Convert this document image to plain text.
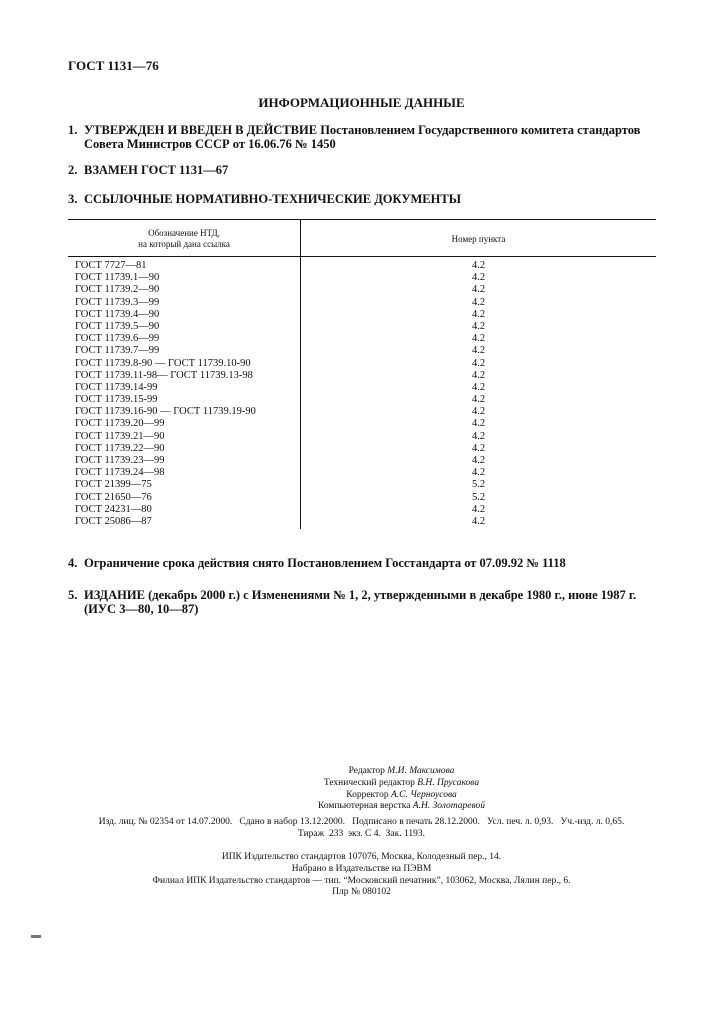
ГОСТ 1131—76
ИНФОРМАЦИОННЫЕ ДАННЫЕ
1. УТВЕРЖДЕН И ВВЕДЕН В ДЕЙСТВИЕ Постановлением Государственного комитета стандартов
Совета Министров СССР от 16.06.76 № 1450
2. ВЗАМЕН ГОСТ 1131—67
3. ССЫЛОЧНЫЕ НОРМАТИВНО-ТЕХНИЧЕСКИЕ ДОКУМЕНТЫ
Обозначение НТД,
на который дана ссылка	Номер пункта
ГОСТ 7727—81	4.2
ГОСТ 11739.1—90	4.2
ГОСТ 11739.2—90	4.2
ГОСТ 11739.3—99	4.2
ГОСТ 11739.4—90	4.2
ГОСТ 11739.5—90	4.2
ГОСТ 11739.6—99	4.2
ГОСТ 11739.7—99	4.2
ГОСТ 11739.8-90 — ГОСТ 11739.10-90	4.2
ГОСТ 11739.11-98— ГОСТ 11739.13-98	4.2
ГОСТ 11739.14-99	4.2
ГОСТ 11739.15-99	4.2
ГОСТ 11739.16-90 — ГОСТ 11739.19-90	4.2
ГОСТ 11739.20—99	4.2
ГОСТ 11739.21—90	4.2
ГОСТ 11739.22—90	4.2
ГОСТ 11739.23—99	4.2
ГОСТ 11739.24—98	4.2
ГОСТ 21399—75	5.2
ГОСТ 21650—76	5.2
ГОСТ 24231—80	4.2
ГОСТ 25086—87	4.2
4. Ограничение срока действия снято Постановлением Госстандарта от 07.09.92 № 1118
5. ИЗДАНИЕ (декабрь 2000 г.) с Изменениями № 1, 2, утвержденными в декабре 1980 г., июне 1987 г.
(ИУС 3—80, 10—87)
Редактор М.И. Максимова
Технический редактор В.Н. Прусакова
Корректор А.С. Черноусова
Компьютерная верстка А.Н. Золотаревой
Изд. лиц. № 02354 от 14.07.2000.   Сдано в набор 13.12.2000.   Подписано в печать 28.12.2000.   Усл. печ. л. 0,93.   Уч.-изд. л. 0,65.
Тираж  233  экз. С 4.  Зак. 1193.
ИПК Издательство стандартов 107076, Москва, Колодезный пер., 14.
Набрано в Издательстве на ПЭВМ
Филиал ИПК Издательство стандартов — тип. “Московский печатник”, 103062, Москва, Лялин пер., 6.
Плр № 080102
